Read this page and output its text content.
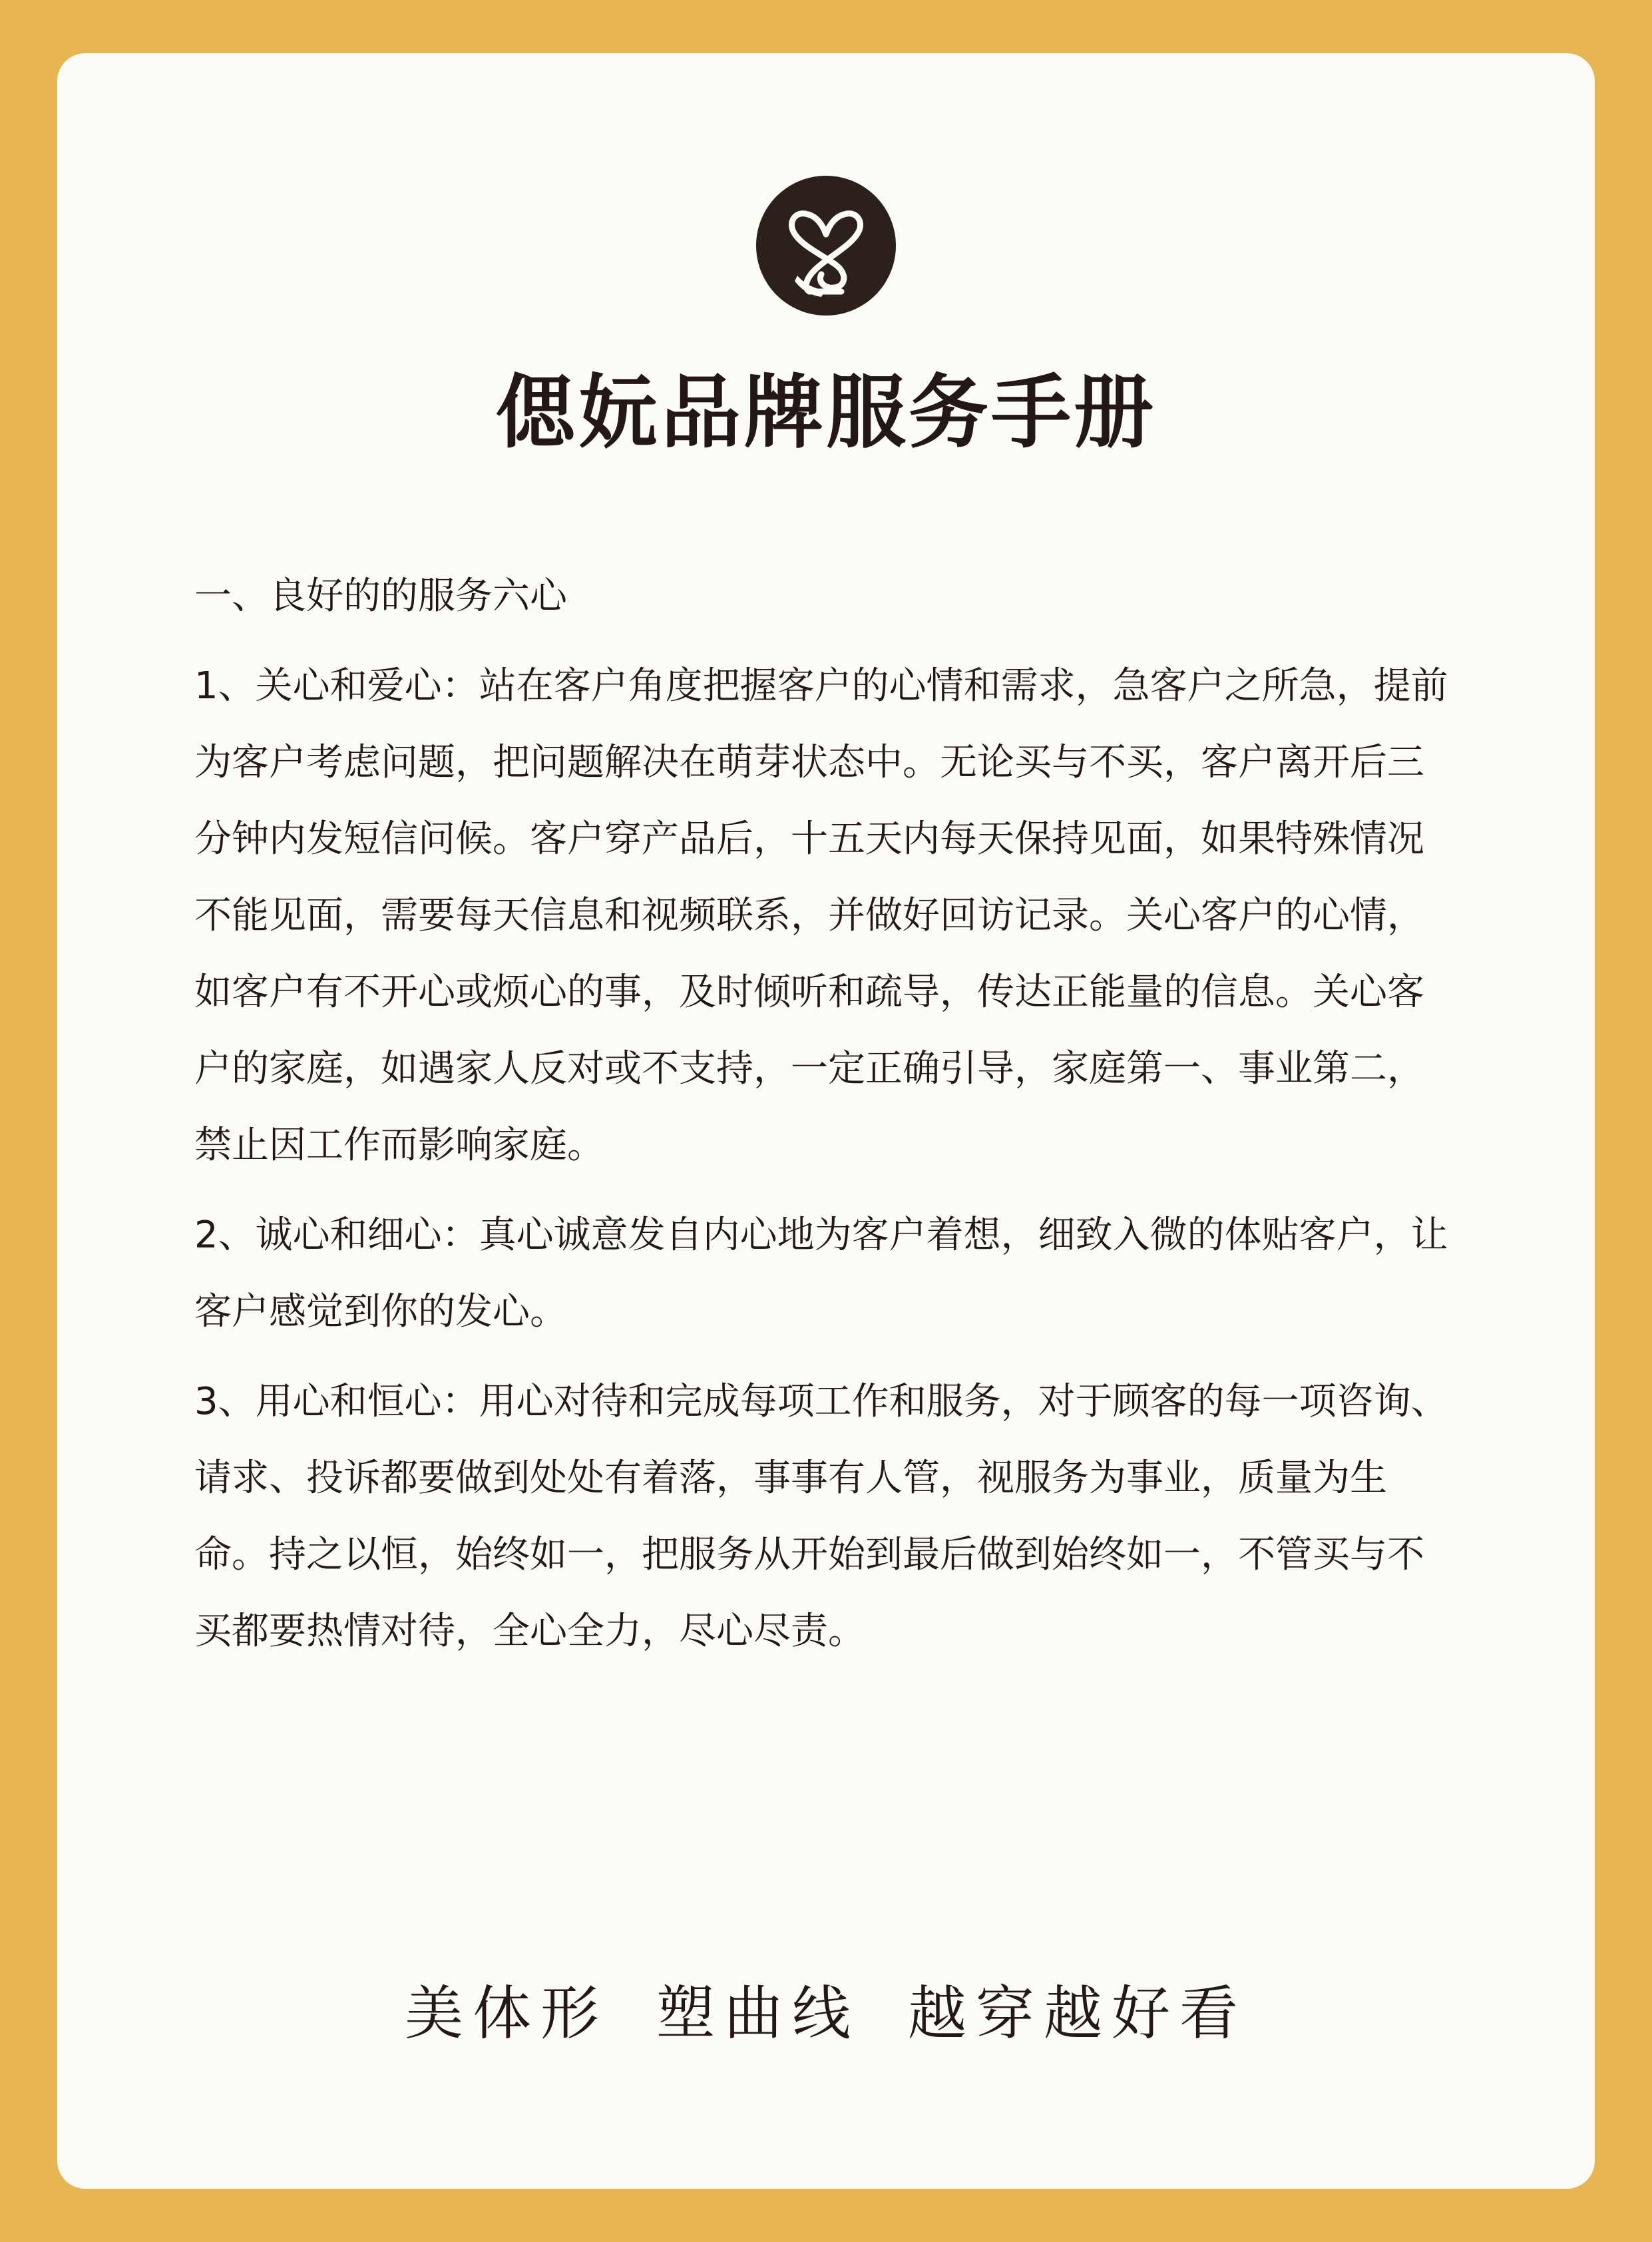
偲妧品牌服务手册

一、良好的的服务六心

1、关心和爱心：站在客户角度把握客户的心情和需求，急客户之所急，提前为客户考虑问题，把问题解决在萌芽状态中。无论买与不买，客户离开后三分钟内发短信问候。客户穿产品后，十五天内每天保持见面，如果特殊情况不能见面，需要每天信息和视频联系，并做好回访记录。关心客户的心情，如客户有不开心或烦心的事，及时倾听和疏导，传达正能量的信息。关心客户的家庭，如遇家人反对或不支持，一定正确引导，家庭第一、事业第二，禁止因工作而影响家庭。

2、诚心和细心：真心诚意发自内心地为客户着想，细致入微的体贴客户，让客户感觉到你的发心。

3、用心和恒心：用心对待和完成每项工作和服务，对于顾客的每一项咨询、请求、投诉都要做到处处有着落，事事有人管，视服务为事业，质量为生命。持之以恒，始终如一，把服务从开始到最后做到始终如一，不管买与不买都要热情对待，全心全力，尽心尽责。

美体形 塑曲线 越穿越好看
